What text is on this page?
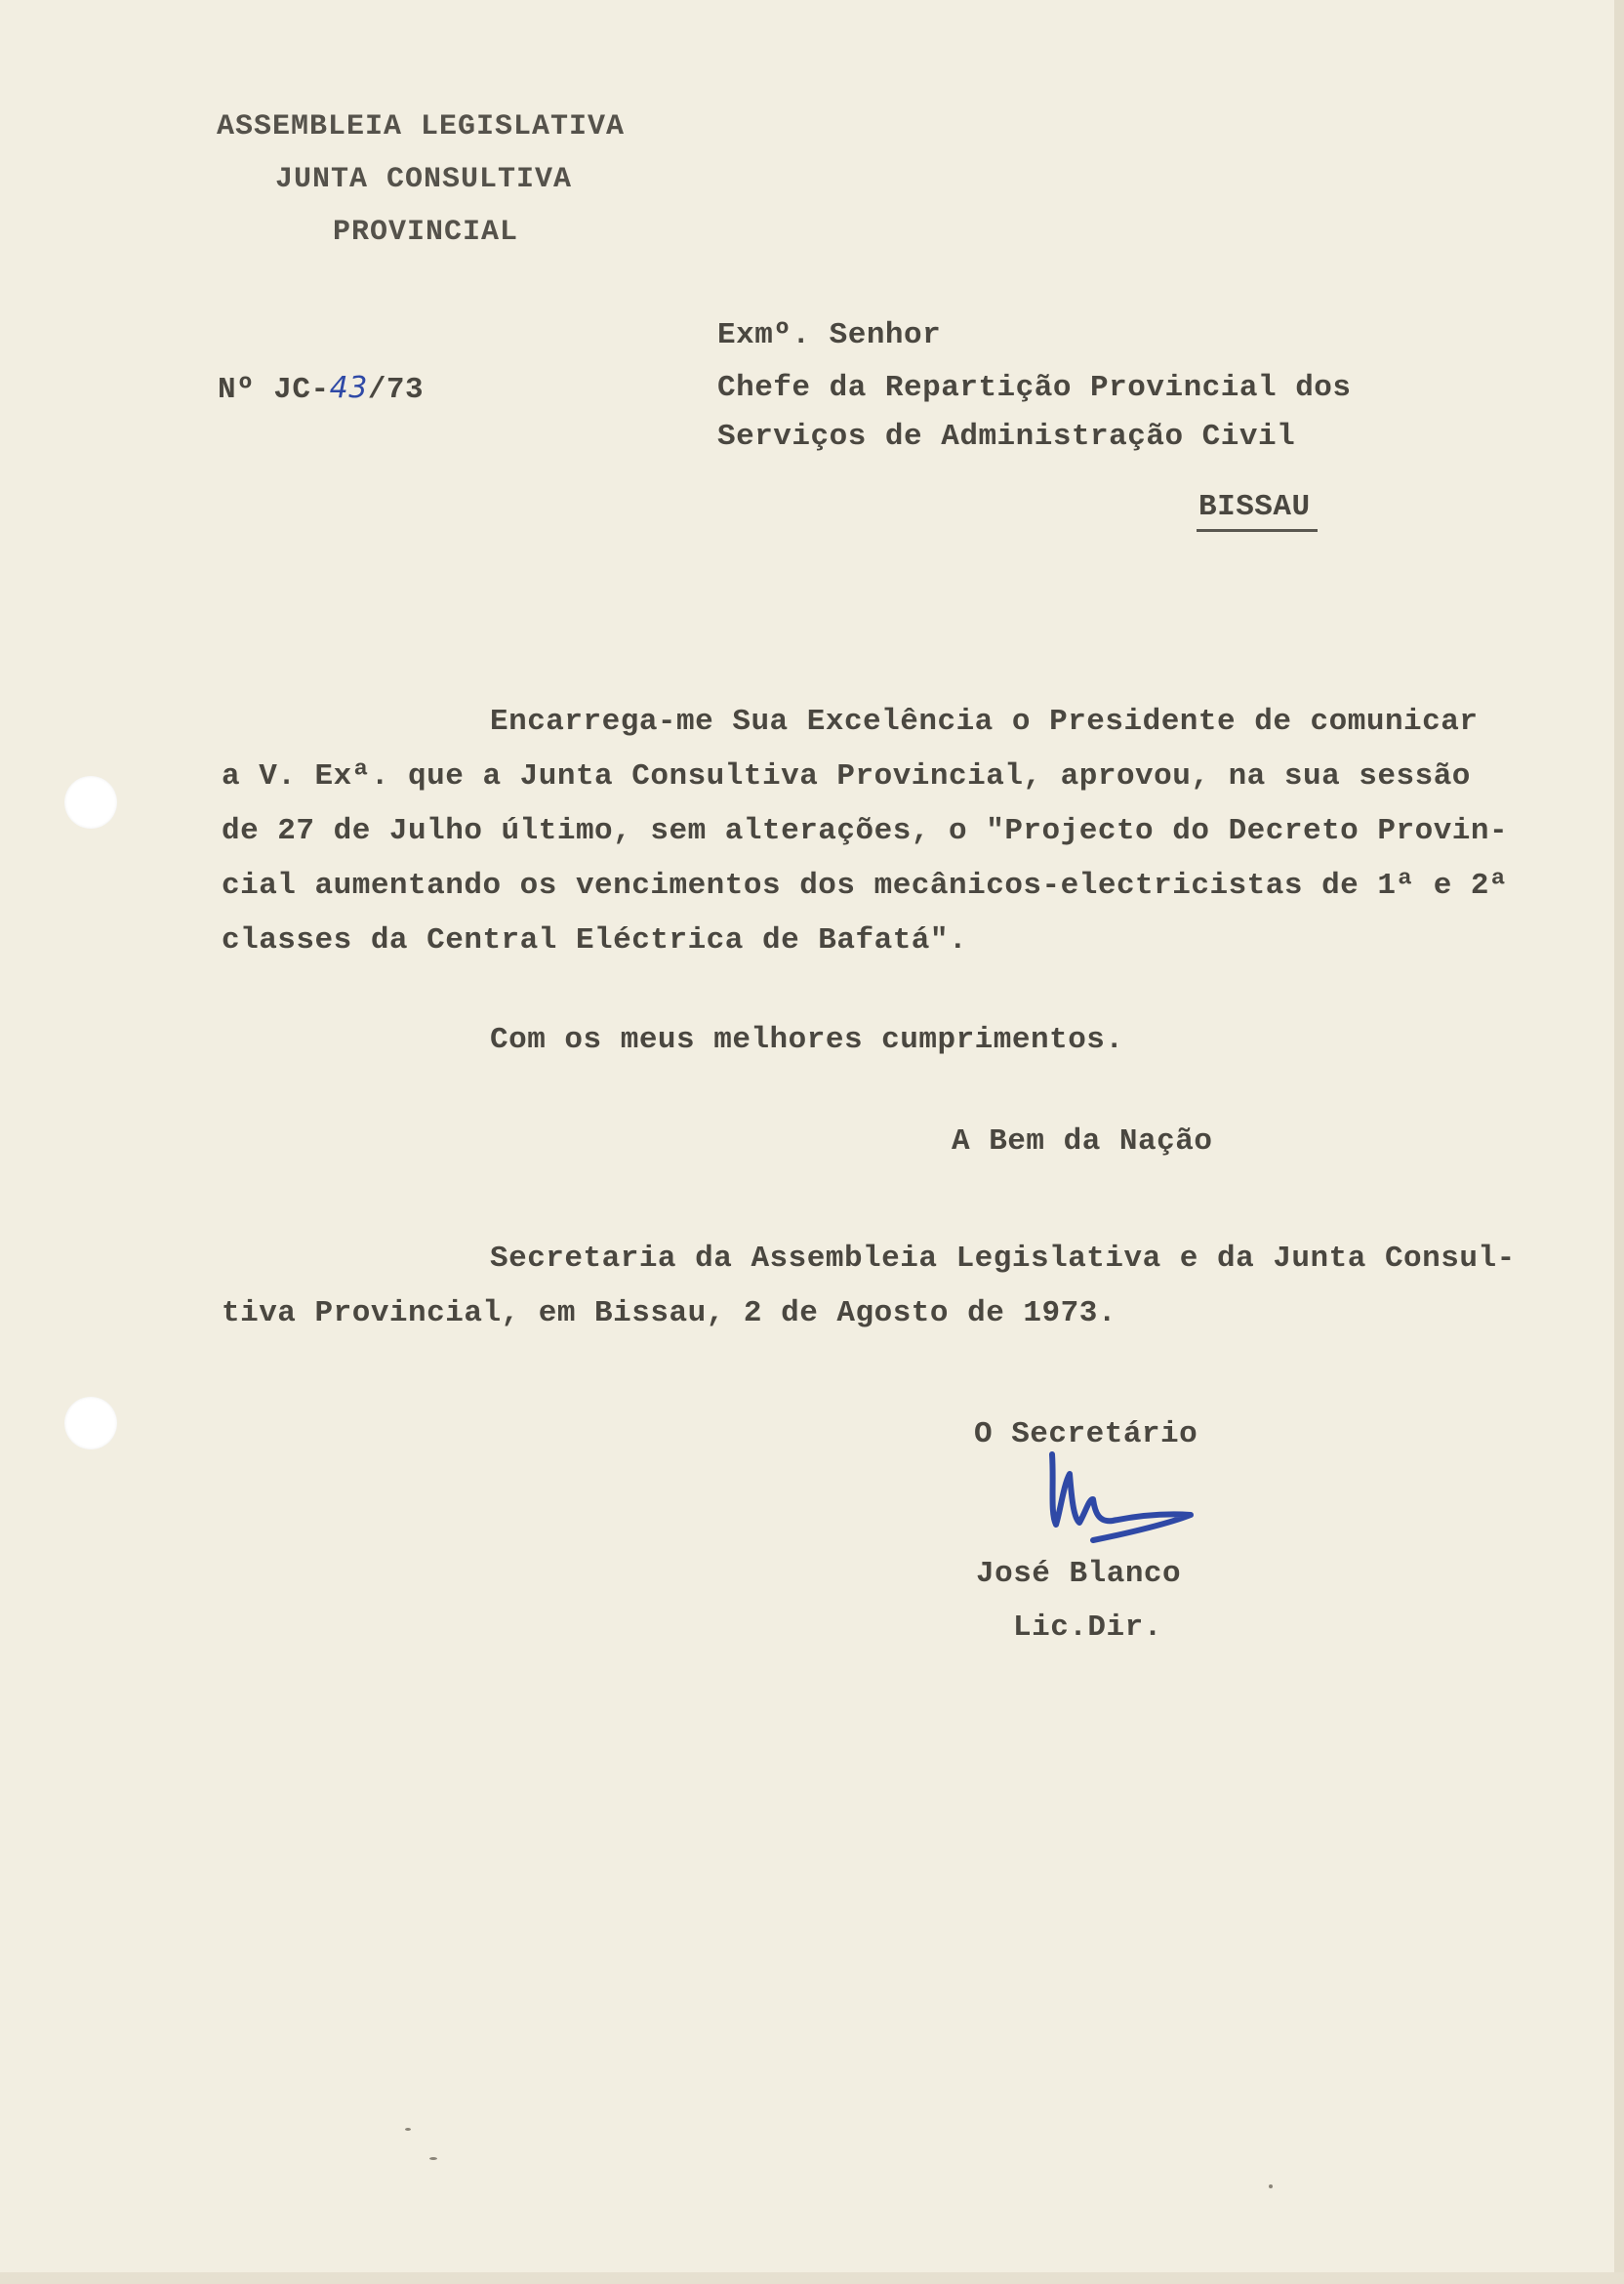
ASSEMBLEIA LEGISLATIVA
JUNTA CONSULTIVA
PROVINCIAL
Nº JC-43/73
Exmº. Senhor
Chefe da Repartição Provincial dos
Serviços de Administração Civil
BISSAU
Encarrega-me Sua Excelência o Presidente de comunicar
a V. Exª. que a Junta Consultiva Provincial, aprovou, na sua sessão
de 27 de Julho último, sem alterações, o "Projecto do Decreto Provin-
cial aumentando os vencimentos dos mecânicos-electricistas de 1ª e 2ª
classes da Central Eléctrica de Bafatá".
Com os meus melhores cumprimentos.
A Bem da Nação
Secretaria da Assembleia Legislativa e da Junta Consul-
tiva Provincial, em Bissau, 2 de Agosto de 1973.
O Secretário
José Blanco
Lic.Dir.
